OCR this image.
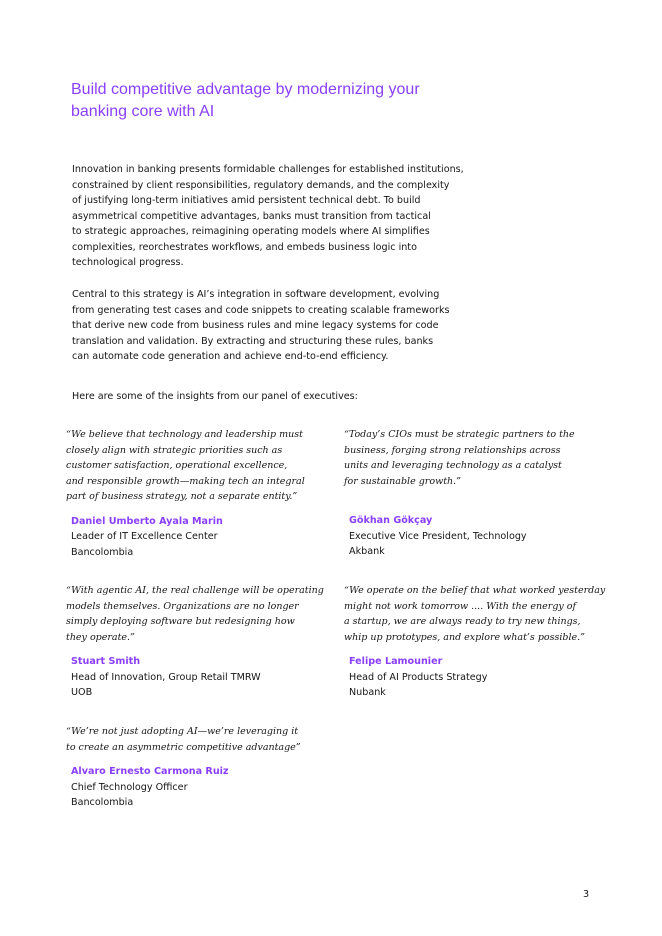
Build competitive advantage by modernizing your banking core with AI

Innovation in banking presents formidable challenges for established institutions,
constrained by client responsibilities, regulatory demands, and the complexity
of justifying long-term initiatives amid persistent technical debt. To build
asymmetrical competitive advantages, banks must transition from tactical
to strategic approaches, reimagining operating models where AI simplifies
complexities, reorchestrates workflows, and embeds business logic into
technological progress.

Central to this strategy is AI’s integration in software development, evolving
from generating test cases and code snippets to creating scalable frameworks
that derive new code from business rules and mine legacy systems for code
translation and validation. By extracting and structuring these rules, banks
can automate code generation and achieve end-to-end efficiency.

Here are some of the insights from our panel of executives:

“We believe that technology and leadership must
closely align with strategic priorities such as
customer satisfaction, operational excellence,
and responsible growth—making tech an integral
part of business strategy, not a separate entity.”

Daniel Umberto Ayala Marin
Leader of IT Excellence Center
Bancolombia

“Today’s CIOs must be strategic partners to the
business, forging strong relationships across
units and leveraging technology as a catalyst
for sustainable growth.”

Gökhan Gökçay
Executive Vice President, Technology
Akbank

“With agentic AI, the real challenge will be operating
models themselves. Organizations are no longer
simply deploying software but redesigning how
they operate.”

Stuart Smith
Head of Innovation, Group Retail TMRW
UOB

“We operate on the belief that what worked yesterday
might not work tomorrow .... With the energy of
a startup, we are always ready to try new things,
whip up prototypes, and explore what’s possible.”

Felipe Lamounier
Head of AI Products Strategy
Nubank

“We’re not just adopting AI—we’re leveraging it
to create an asymmetric competitive advantage”

Alvaro Ernesto Carmona Ruiz
Chief Technology Officer
Bancolombia
3
